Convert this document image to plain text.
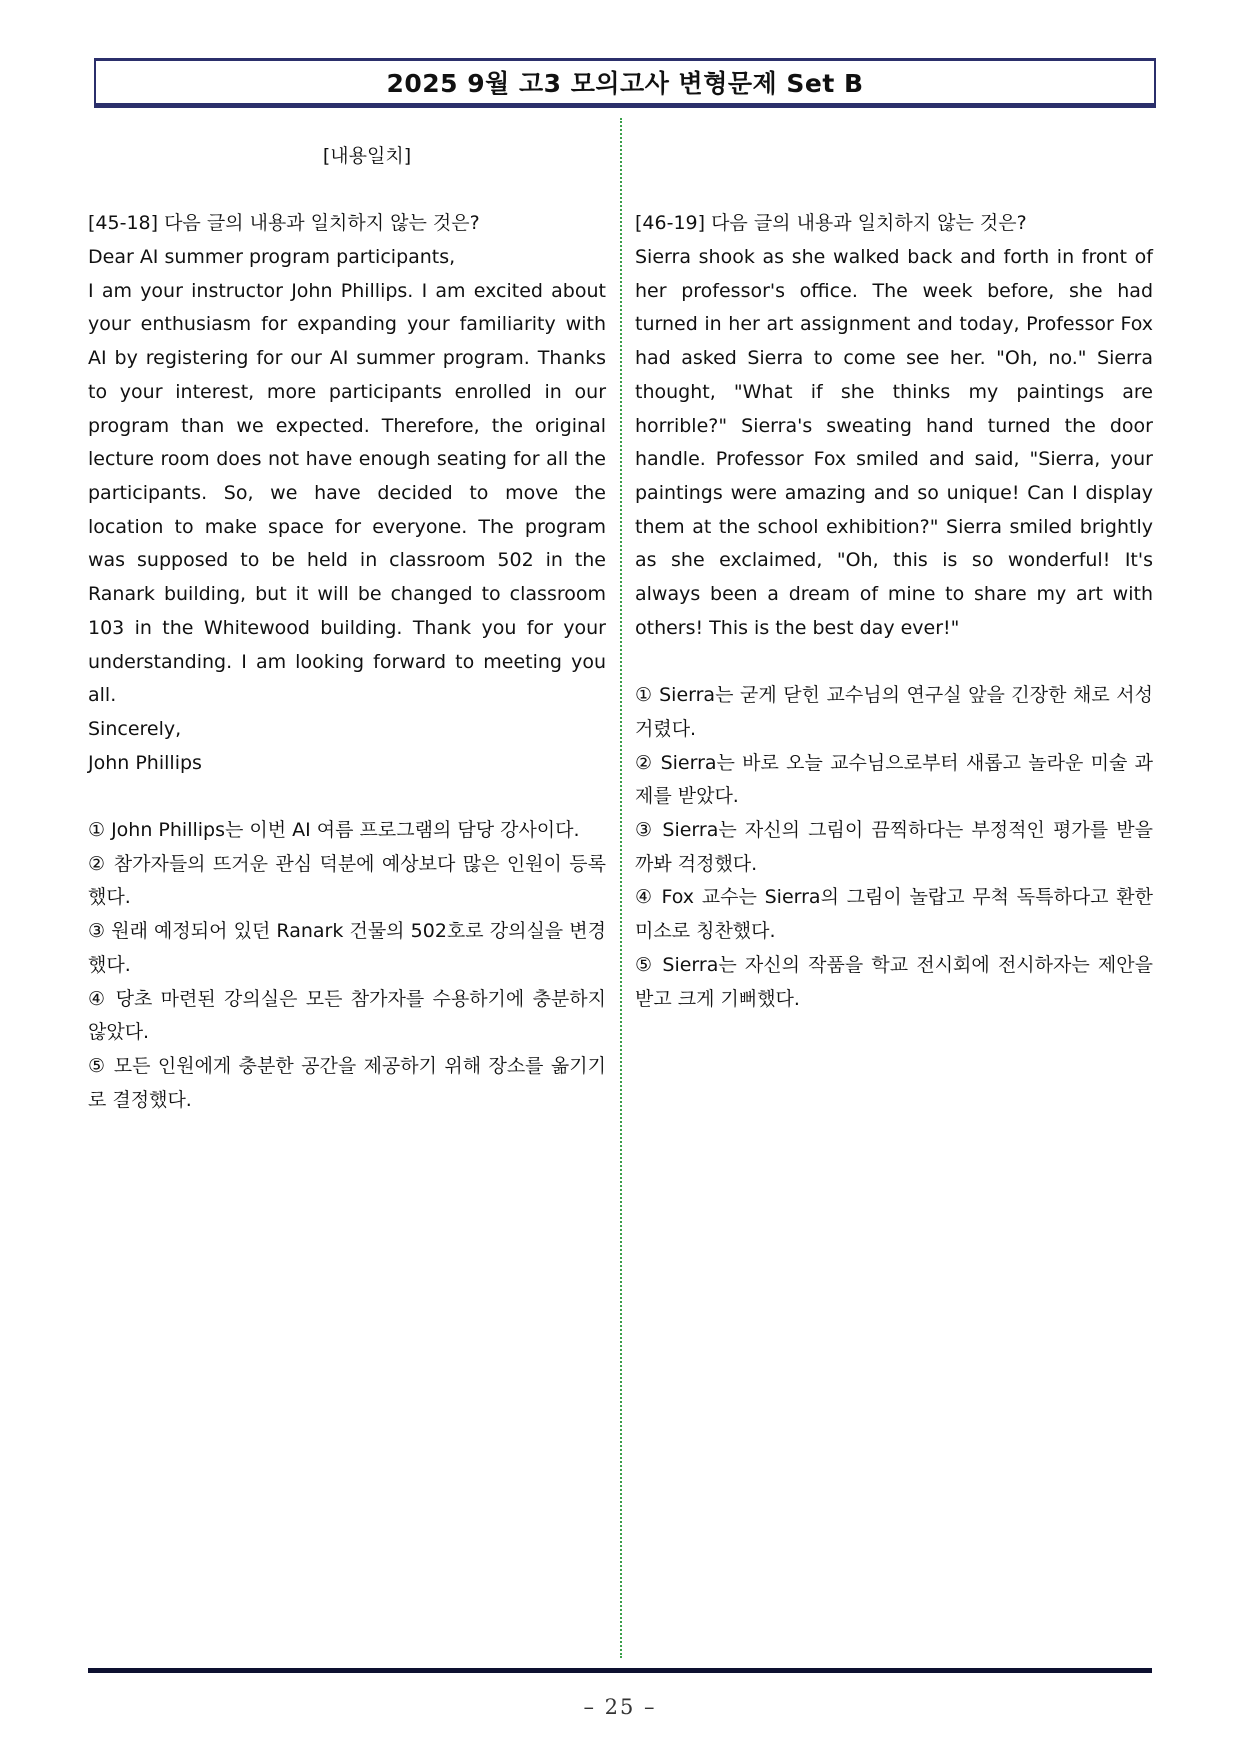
2025 9월 고3 모의고사 변형문제 Set B
[내용일치]

[45-18] 다음 글의 내용과 일치하지 않는 것은?

Dear AI summer program participants,

I am your instructor John Phillips. I am excited about your enthusiasm for expanding your familiarity with AI by registering for our AI summer program. Thanks to your interest, more participants enrolled in our program than we expected. Therefore, the original lecture room does not have enough seating for all the participants. So, we have decided to move the location to make space for everyone. The program was supposed to be held in classroom 502 in the Ranark building, but it will be changed to classroom 103 in the Whitewood building. Thank you for your understanding. I am looking forward to meeting you all.

Sincerely,

John Phillips

① John Phillips는 이번 AI 여름 프로그램의 담당 강사이다.

② 참가자들의 뜨거운 관심 덕분에 예상보다 많은 인원이 등록했다.

③ 원래 예정되어 있던 Ranark 건물의 502호로 강의실을 변경했다.

④ 당초 마련된 강의실은 모든 참가자를 수용하기에 충분하지 않았다.

⑤ 모든 인원에게 충분한 공간을 제공하기 위해 장소를 옮기기로 결정했다.

[46-19] 다음 글의 내용과 일치하지 않는 것은?

Sierra shook as she walked back and forth in front of her professor's office. The week before, she had turned in her art assignment and today, Professor Fox had asked Sierra to come see her. "Oh, no." Sierra thought, "What if she thinks my paintings are horrible?" Sierra's sweating hand turned the door handle. Professor Fox smiled and said, "Sierra, your paintings were amazing and so unique! Can I display them at the school exhibition?" Sierra smiled brightly as she exclaimed, "Oh, this is so wonderful! It's always been a dream of mine to share my art with others! This is the best day ever!"

① Sierra는 굳게 닫힌 교수님의 연구실 앞을 긴장한 채로 서성거렸다.

② Sierra는 바로 오늘 교수님으로부터 새롭고 놀라운 미술 과제를 받았다.

③ Sierra는 자신의 그림이 끔찍하다는 부정적인 평가를 받을까봐 걱정했다.

④ Fox 교수는 Sierra의 그림이 놀랍고 무척 독특하다고 환한 미소로 칭찬했다.

⑤ Sierra는 자신의 작품을 학교 전시회에 전시하자는 제안을 받고 크게 기뻐했다.

– 25 –
